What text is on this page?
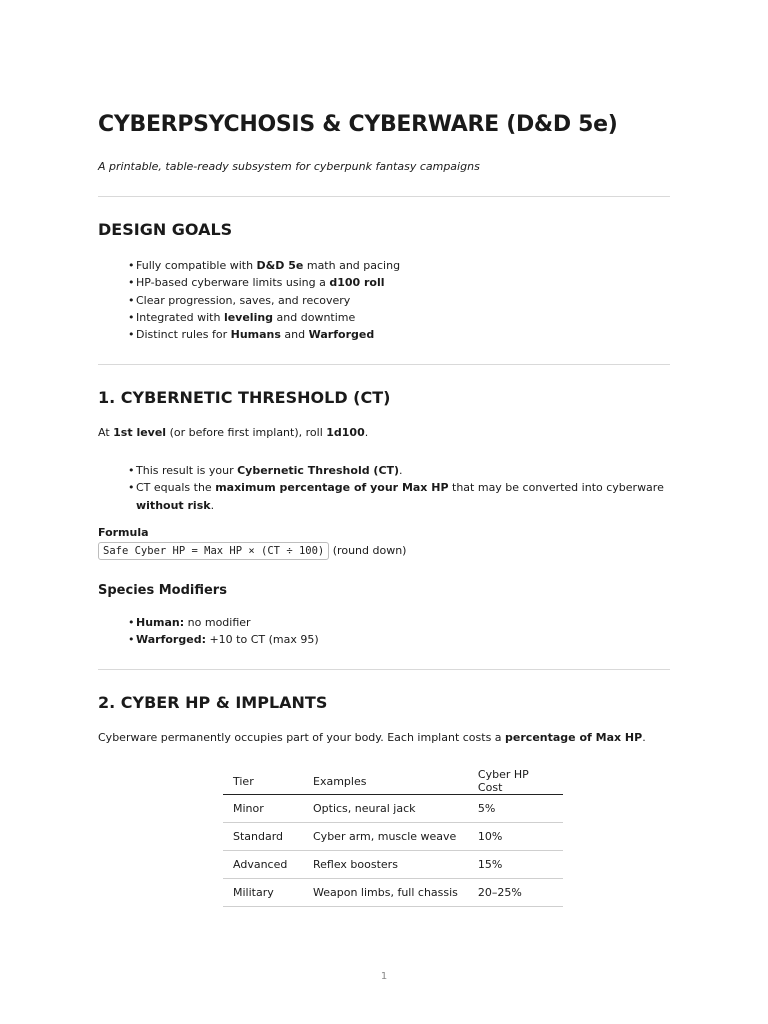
CYBERPSYCHOSIS & CYBERWARE (D&D 5e)

A printable, table-ready subsystem for cyberpunk fantasy campaigns

DESIGN GOALS
• Fully compatible with D&D 5e math and pacing
• HP-based cyberware limits using a d100 roll
• Clear progression, saves, and recovery
• Integrated with leveling and downtime
• Distinct rules for Humans and Warforged
1. CYBERNETIC THRESHOLD (CT)

At 1st level (or before first implant), roll 1d100.

• This result is your Cybernetic Threshold (CT).
• CT equals the maximum percentage of your Max HP that may be converted into cyberware
without risk.

Formula

Safe Cyber HP = Max HP × (CT ÷ 100) (round down)
Species Modifiers
• Human: no modifier
• Warforged: +10 to CT (max 95)
2. CYBER HP & IMPLANTS

Cyberware permanently occupies part of your body. Each implant costs a percentage of Max HP.

Tier	Examples	Cyber HP Cost
Minor	Optics, neural jack	5%
Standard	Cyber arm, muscle weave	10%
Advanced	Reflex boosters	15%
Military	Weapon limbs, full chassis	20–25%
1
